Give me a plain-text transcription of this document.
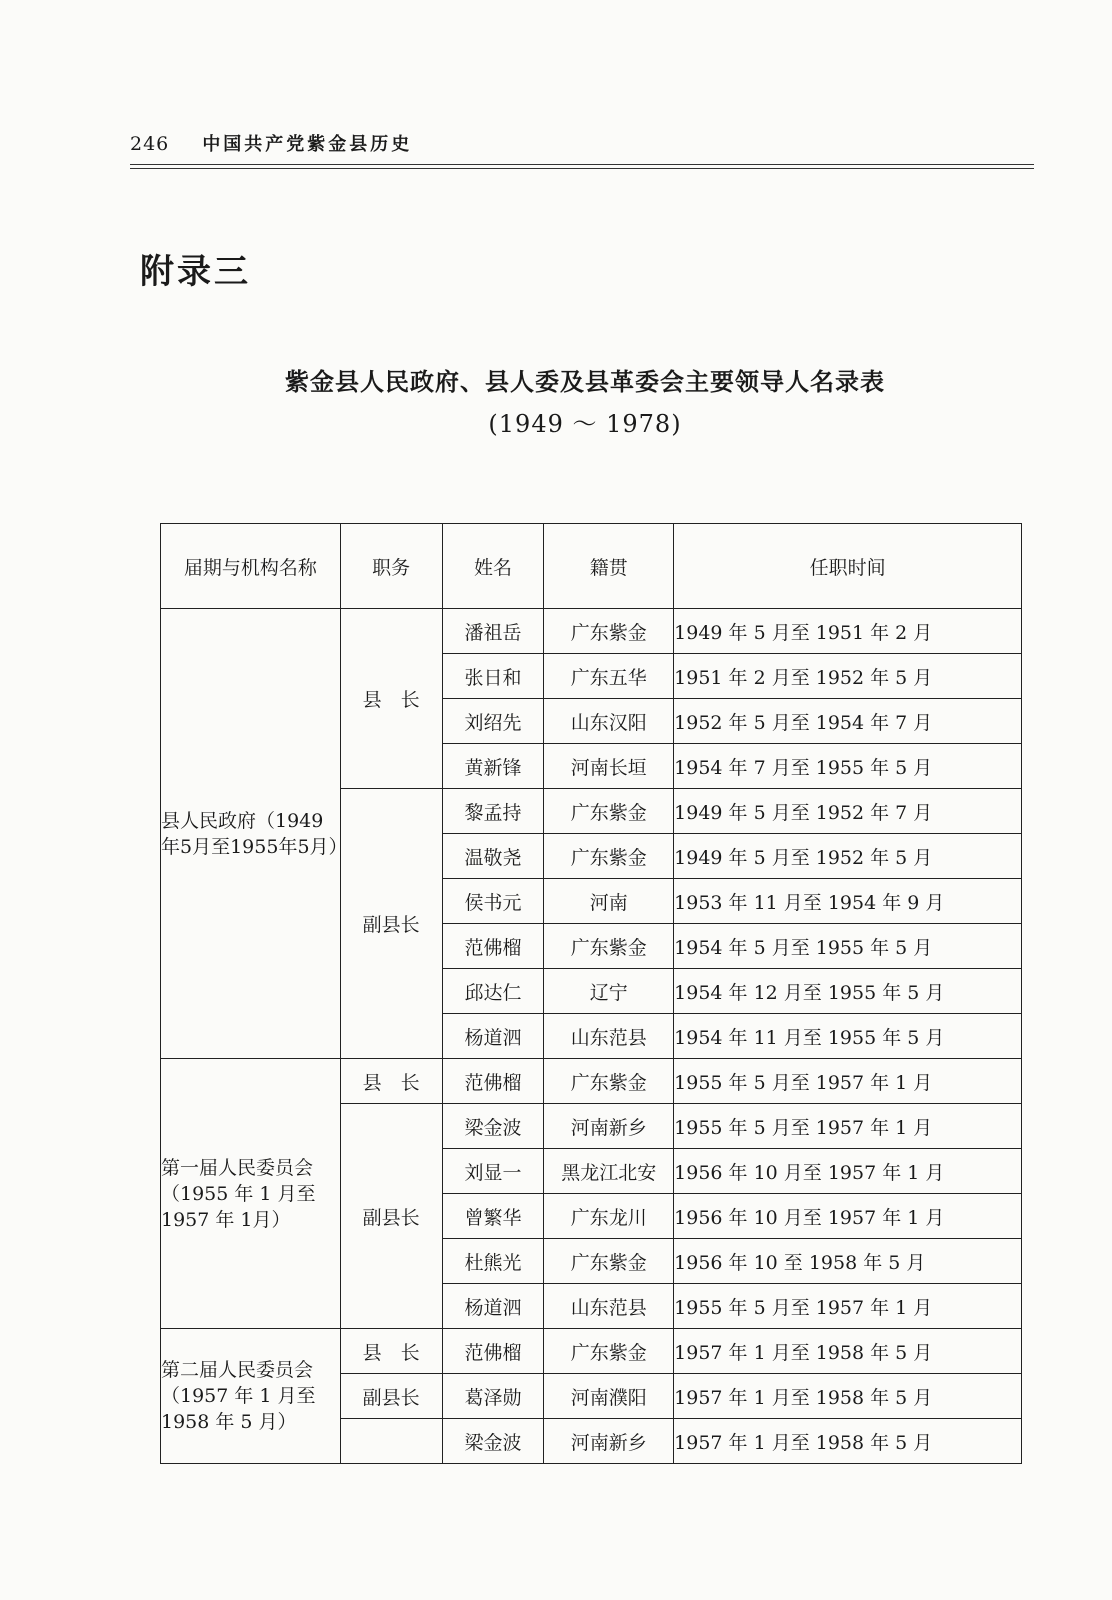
246 中国共产党紫金县历史
附录三
紫金县人民政府、县人委及县革委会主要领导人名录表
(1949 ～ 1978)
届期与机构名称	职务	姓名	籍贯	任职时间
县人民政府（1949年5月至1955年5月）	县　长	潘祖岳	广东紫金	1949 年 5 月至 1951 年 2 月
		张日和	广东五华	1951 年 2 月至 1952 年 5 月
		刘绍先	山东汉阳	1952 年 5 月至 1954 年 7 月
		黄新锋	河南长垣	1954 年 7 月至 1955 年 5 月
	副县长	黎孟持	广东紫金	1949 年 5 月至 1952 年 7 月
		温敬尧	广东紫金	1949 年 5 月至 1952 年 5 月
		侯书元	河南	1953 年 11 月至 1954 年 9 月
		范佛榴	广东紫金	1954 年 5 月至 1955 年 5 月
		邱达仁	辽宁	1954 年 12 月至 1955 年 5 月
		杨道泗	山东范县	1954 年 11 月至 1955 年 5 月
第一届人民委员会（1955 年 1 月至 1957 年 1月）	县　长	范佛榴	广东紫金	1955 年 5 月至 1957 年 1 月
	副县长	梁金波	河南新乡	1955 年 5 月至 1957 年 1 月
		刘显一	黑龙江北安	1956 年 10 月至 1957 年 1 月
		曾繁华	广东龙川	1956 年 10 月至 1957 年 1 月
		杜熊光	广东紫金	1956 年 10 至 1958 年 5 月
		杨道泗	山东范县	1955 年 5 月至 1957 年 1 月
第二届人民委员会（1957 年 1 月至 1958 年 5 月）	县　长	范佛榴	广东紫金	1957 年 1 月至 1958 年 5 月
	副县长	葛泽勋	河南濮阳	1957 年 1 月至 1958 年 5 月
		梁金波	河南新乡	1957 年 1 月至 1958 年 5 月
